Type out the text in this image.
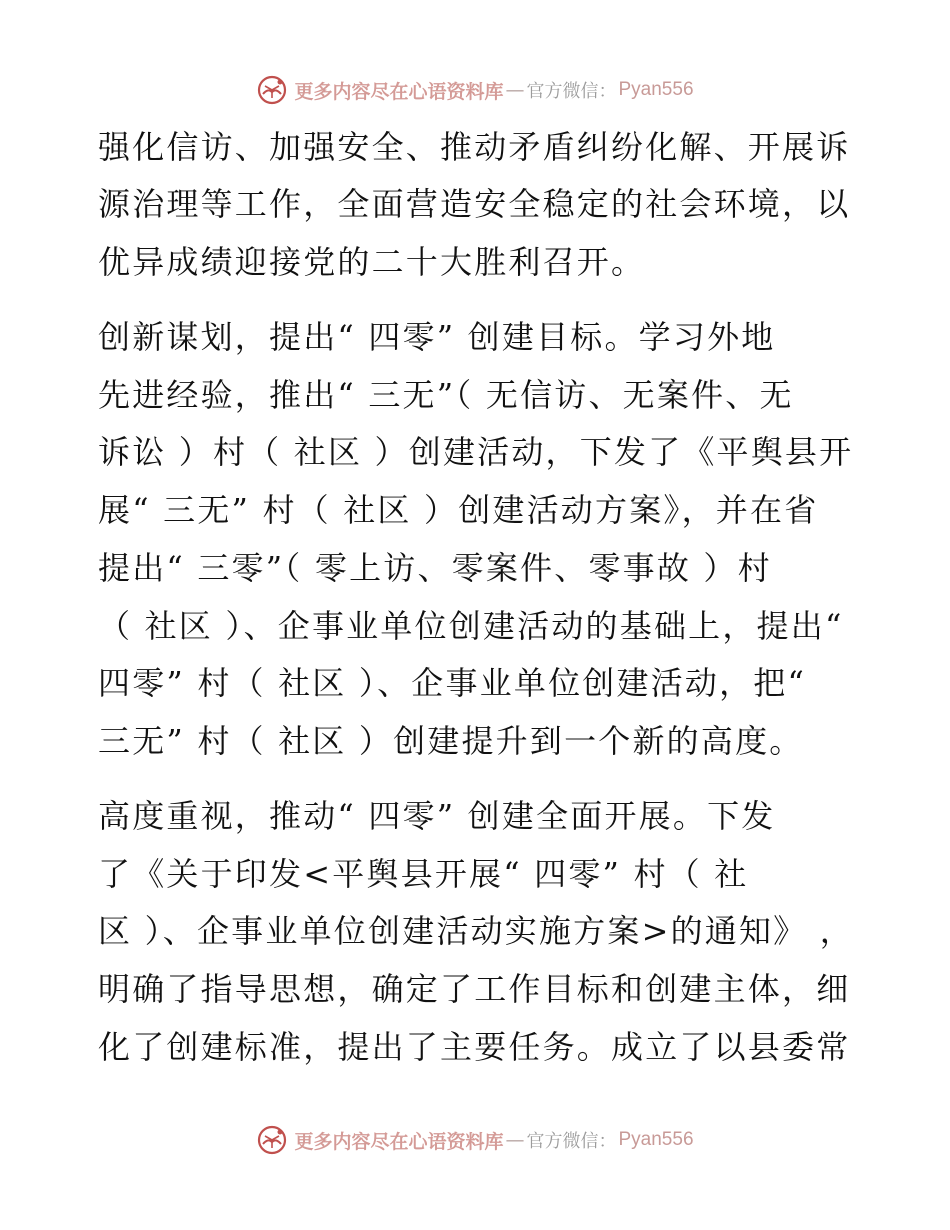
更多内容尽在心语资料库 — 官方微信： Pyan556
强化信访、加强安全、推动矛盾纠纷化解、开展诉
源治理等工作，全面营造安全稳定的社会环境，以
优异成绩迎接党的二十大胜利召开。
创新谋划，提出“ 四零” 创建目标。学习外地
先进经验，推出“ 三无”（ 无信访、无案件、无
诉讼 ）村（ 社区 ）创建活动，下发了《平舆县开
展“ 三无” 村（ 社区 ）创建活动方案》，并在省
提出“ 三零”（ 零上访、零案件、零事故 ）村
（ 社区 ）、企事业单位创建活动的基础上，提出“
四零” 村（ 社区 ）、企事业单位创建活动，把“
三无” 村（ 社区 ）创建提升到一个新的高度。
高度重视，推动“ 四零” 创建全面开展。下发
了《关于印发<平舆县开展“ 四零” 村（ 社
区 ）、企事业单位创建活动实施方案>的通知》 ，
明确了指导思想，确定了工作目标和创建主体，细
化了创建标准，提出了主要任务。成立了以县委常
更多内容尽在心语资料库 — 官方微信： Pyan556
